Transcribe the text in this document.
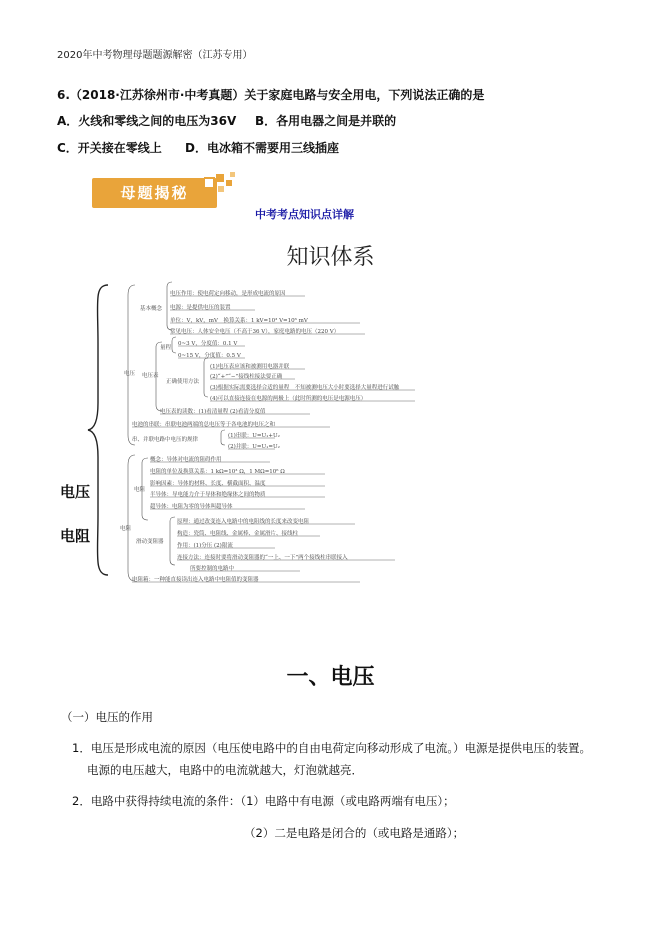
2020年中考物理母题题源解密（江苏专用）
6.（2018·江苏徐州市·中考真题）关于家庭电路与安全用电，下列说法正确的是
A．火线和零线之间的电压为36V B．各用电器之间是并联的
C．开关接在零线上 D．电冰箱不需要用三线插座
母题揭秘
中考考点知识点详解
知识体系
电压
电阻
电压
基本概念
电压作用：使电荷定向移动，是形成电流的原因
电源：是提供电压的装置
单位：V，kV，mV　换算关系：1 kV=10³ V=10⁶ mV
常见电压：人体安全电压（不高于36 V），家庭电路的电压（220 V）
电压表
量程
0~3 V，分度值：0.1 V
0~15 V，分度值：0.5 V
正确使用方法
(1)电压表应该和被测用电器并联
(2)“+”“−”接线柱接法要正确
(3)根据实际需要选择合适的量程　不知被测电压大小时要选择大量程进行试触
(4)可以直接连接在电源的两极上（此时所测的电压是电源电压）
电压表的读数：(1)看清量程 (2)看清分度值
电池的串联：串联电池两端的总电压等于各电池的电压之和
串、并联电路中电压的规律
(1)串联：U=U₁+U₂
(2)并联：U=U₁=U₂
电阻
电阻
概念：导体对电流的阻碍作用
电阻的单位及换算关系：1 kΩ=10³ Ω，1 MΩ=10⁶ Ω
影响因素：导体的材料、长度、横截面积、温度
半导体：导电能力介于导体和绝缘体之间的物质
超导体：电阻为零的导体叫超导体
滑动变阻器
原理：通过改变连入电路中的电阻线的长度来改变电阻
构造：瓷筒、电阻线、金属棒、金属滑片、接线柱
作用：(1)分压 (2)限流
连接方法：连接时要将滑动变阻器的“一上、一下”两个接线柱串联接入
所要控制的电路中
电阻箱：一种能直接读出连入电路中电阻值的变阻器
一、电压
（一）电压的作用
1．电压是形成电流的原因（电压使电路中的自由电荷定向移动形成了电流。）电源是提供电压的装置。
电源的电压越大，电路中的电流就越大，灯泡就越亮．
2．电路中获得持续电流的条件：（1）电路中有电源（或电路两端有电压）；
（2）二是电路是闭合的（或电路是通路）；
